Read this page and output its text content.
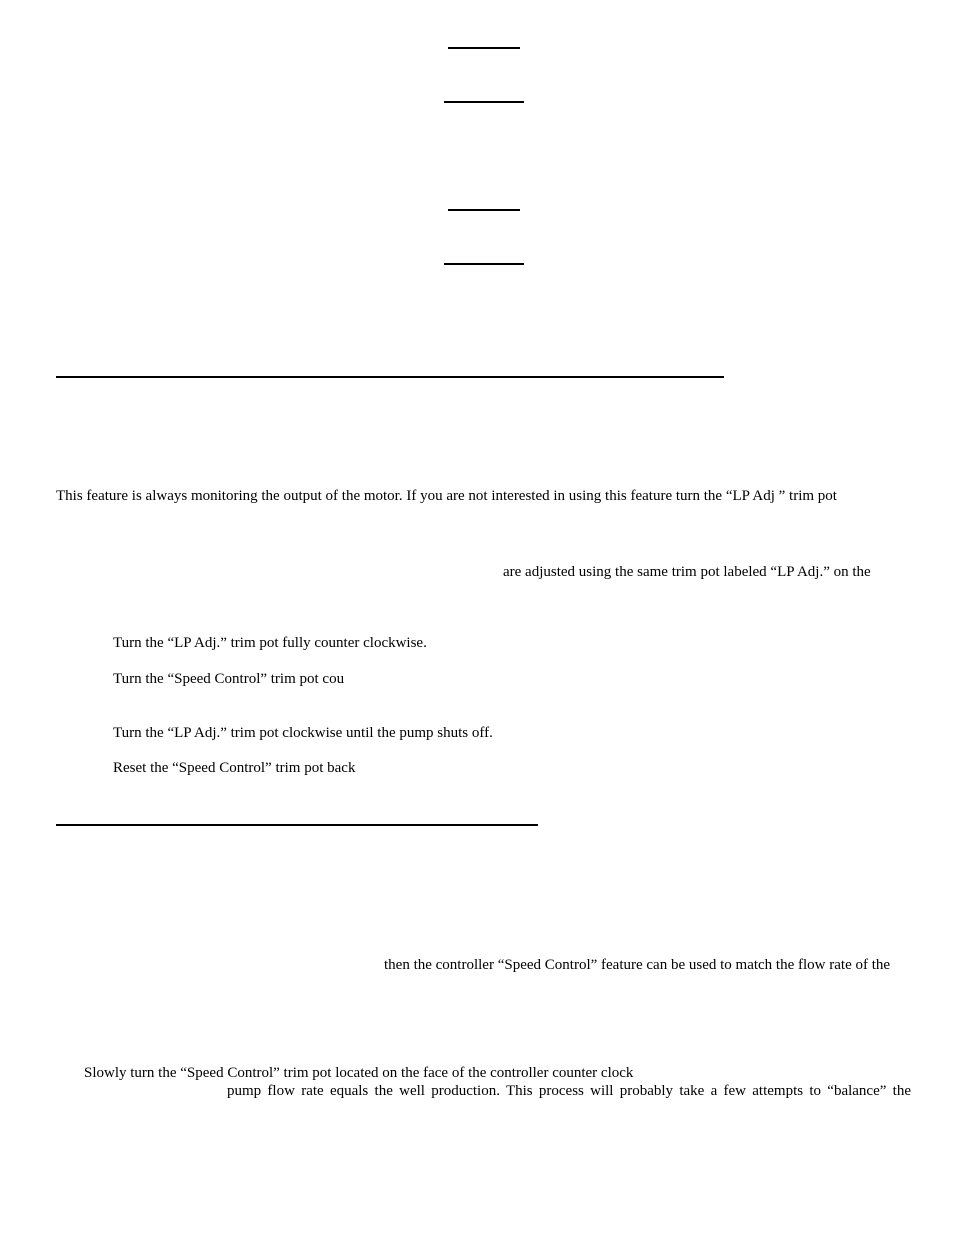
This feature is always monitoring the output of the motor. If you are not interested in using this feature turn the “LP Adj ” trim pot
are adjusted using the same trim pot labeled “LP Adj.” on the
Turn the “LP Adj.” trim pot fully counter clockwise.
Turn the “Speed Control” trim pot cou
Turn the “LP Adj.” trim pot clockwise until the pump shuts off.
Reset the “Speed Control” trim pot back
then the controller “Speed Control” feature can be used to match the flow rate of the
Slowly turn the “Speed Control” trim pot located on the face of the controller counter clock
pump flow rate equals the well production. This process will probably take a few attempts to “balance” the
